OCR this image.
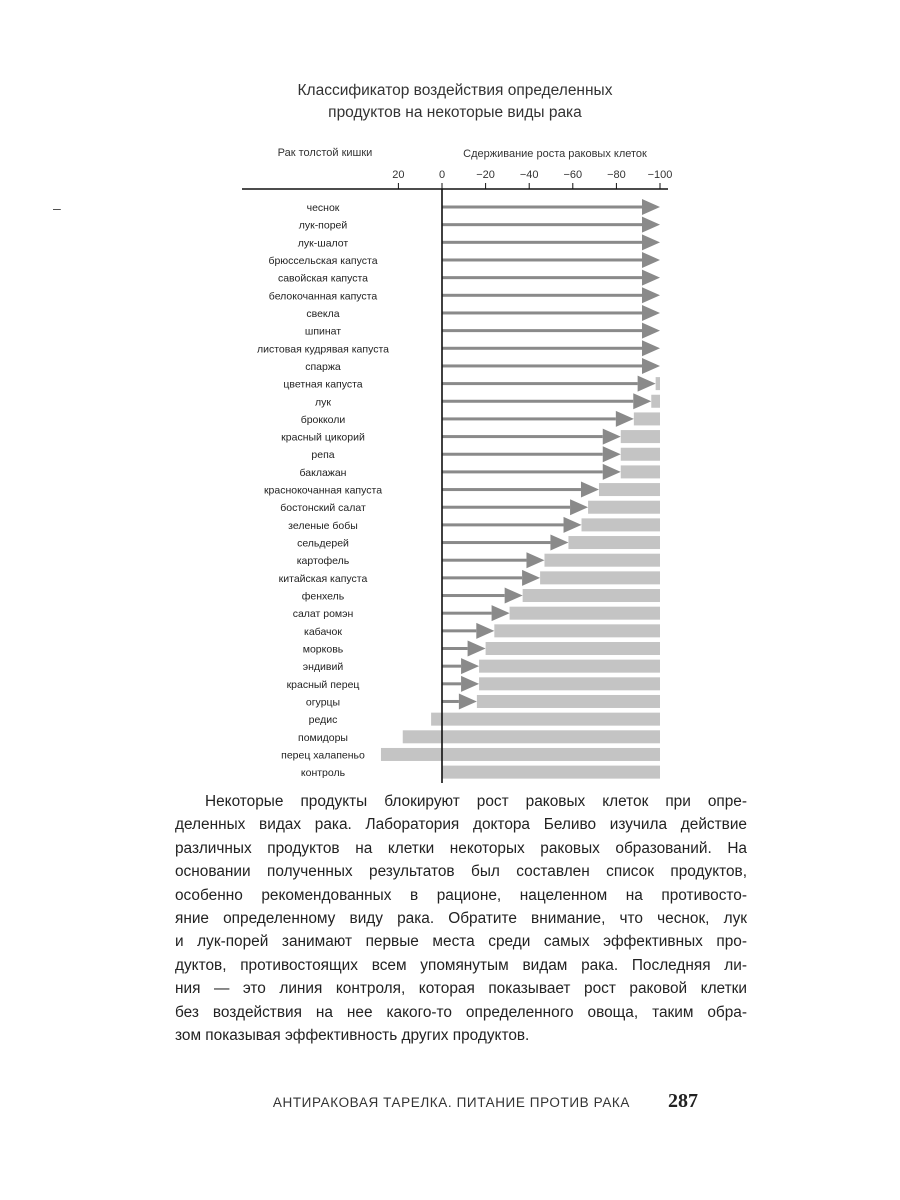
Классификатор воздействия определенных
продуктов на некоторые виды рака
–
Рак толстой кишки	Сдерживание роста раковых клеток
20	0	−20 −40 −60 −80 −100
чеснок
лук-порей
лук-шалот
брюссельская капуста
савойская капуста
белокочанная капуста
свекла
шпинат
листовая кудрявая капуста
спаржа
цветная капуста
лук
брокколи
красный цикорий
репа
баклажан
краснокочанная капуста
бостонский салат
зеленые бобы
сельдерей
картофель
китайская капуста
фенхель
салат ромэн
кабачок
морковь
эндивий
красный перец
огурцы
редис
помидоры
перец халапеньо
контроль
Некоторые продукты блокируют рост раковых клеток при опре-
деленных видах рака. Лаборатория доктора Беливо изучила действие
различных продуктов на клетки некоторых раковых образований. На
основании полученных результатов был составлен список продуктов,
особенно рекомендованных в рационе, нацеленном на противосто-
яние определенному виду рака. Обратите внимание, что чеснок, лук
и лук-порей занимают первые места среди самых эффективных про-
дуктов, противостоящих всем упомянутым видам рака. Последняя ли-
ния — это линия контроля, которая показывает рост раковой клетки
без воздействия на нее какого-то определенного овоща, таким обра-
зом показывая эффективность других продуктов.
АНТИРАКОВАЯ ТАРЕЛКА. ПИТАНИЕ ПРОТИВ РАКА 287
